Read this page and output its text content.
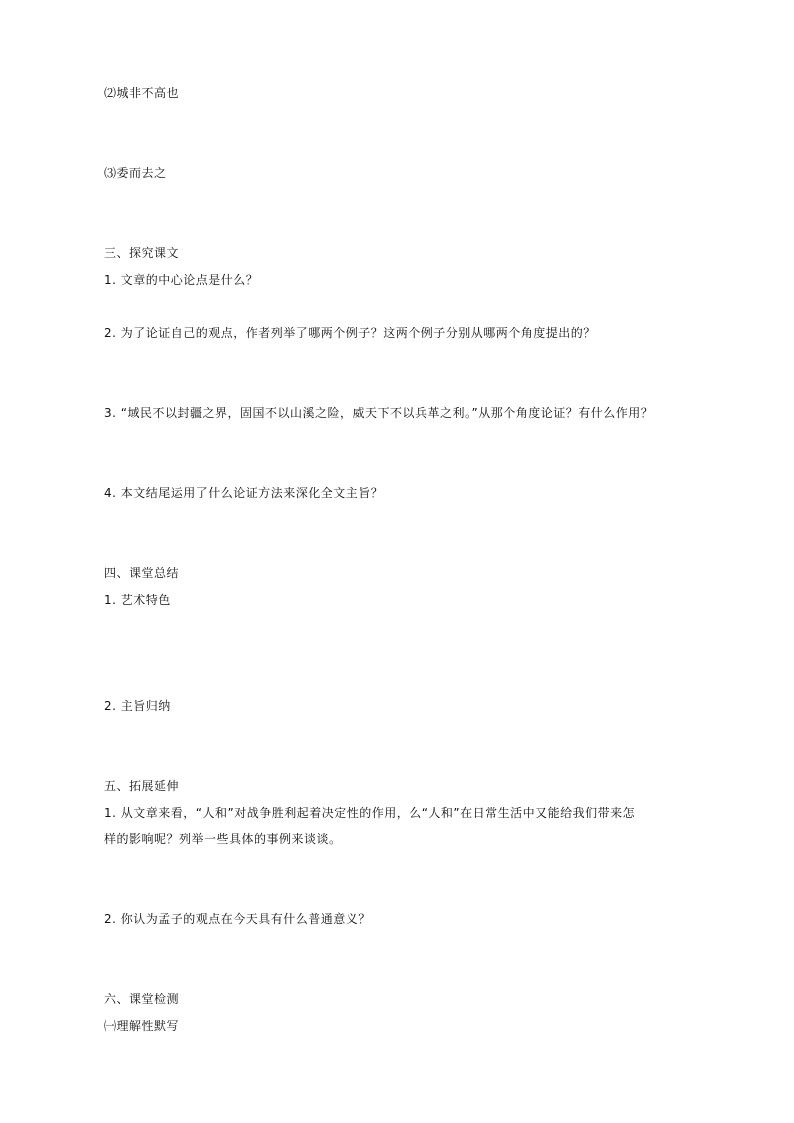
⑵城非不高也
⑶委而去之
三、探究课文
1. 文章的中心论点是什么？
2. 为了论证自己的观点，作者列举了哪两个例子？这两个例子分别从哪两个角度提出的？
3. “域民不以封疆之界，固国不以山溪之险，威天下不以兵革之利。”从那个角度论证？有什么作用？
4. 本文结尾运用了什么论证方法来深化全文主旨？
四、课堂总结
1. 艺术特色
2. 主旨归纳
五、拓展延伸
1. 从文章来看，“人和”对战争胜利起着决定性的作用，么“人和”在日常生活中又能给我们带来怎
样的影响呢？列举一些具体的事例来谈谈。
2. 你认为孟子的观点在今天具有什么普通意义？
六、课堂检测
㈠理解性默写
